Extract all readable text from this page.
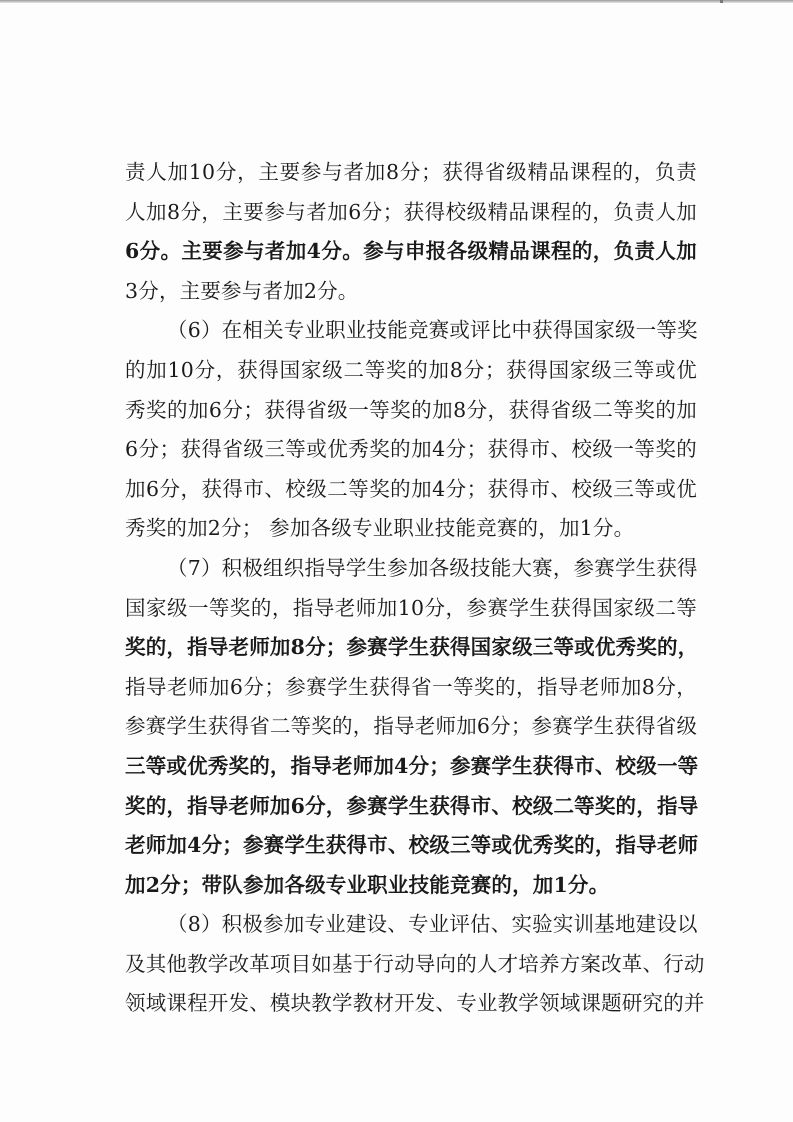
责人加10分，主要参与者加8分；获得省级精品课程的，负责
人加8分，主要参与者加6分；获得校级精品课程的，负责人加
6分。主要参与者加4分。参与申报各级精品课程的，负责人加
3分，主要参与者加2分。
（6）在相关专业职业技能竞赛或评比中获得国家级一等奖
的加10分，获得国家级二等奖的加8分；获得国家级三等或优
秀奖的加6分；获得省级一等奖的加8分，获得省级二等奖的加
6分；获得省级三等或优秀奖的加4分；获得市、校级一等奖的
加6分，获得市、校级二等奖的加4分；获得市、校级三等或优
秀奖的加2分； 参加各级专业职业技能竞赛的，加1分。
（7）积极组织指导学生参加各级技能大赛，参赛学生获得
国家级一等奖的，指导老师加10分，参赛学生获得国家级二等
奖的，指导老师加8分；参赛学生获得国家级三等或优秀奖的，
指导老师加6分；参赛学生获得省一等奖的，指导老师加8分，
参赛学生获得省二等奖的，指导老师加6分；参赛学生获得省级
三等或优秀奖的，指导老师加4分；参赛学生获得市、校级一等
奖的，指导老师加6分，参赛学生获得市、校级二等奖的，指导
老师加4分；参赛学生获得市、校级三等或优秀奖的，指导老师
加2分；带队参加各级专业职业技能竞赛的，加1分。
（8）积极参加专业建设、专业评估、实验实训基地建设以
及其他教学改革项目如基于行动导向的人才培养方案改革、行动
领域课程开发、模块教学教材开发、专业教学领域课题研究的并
